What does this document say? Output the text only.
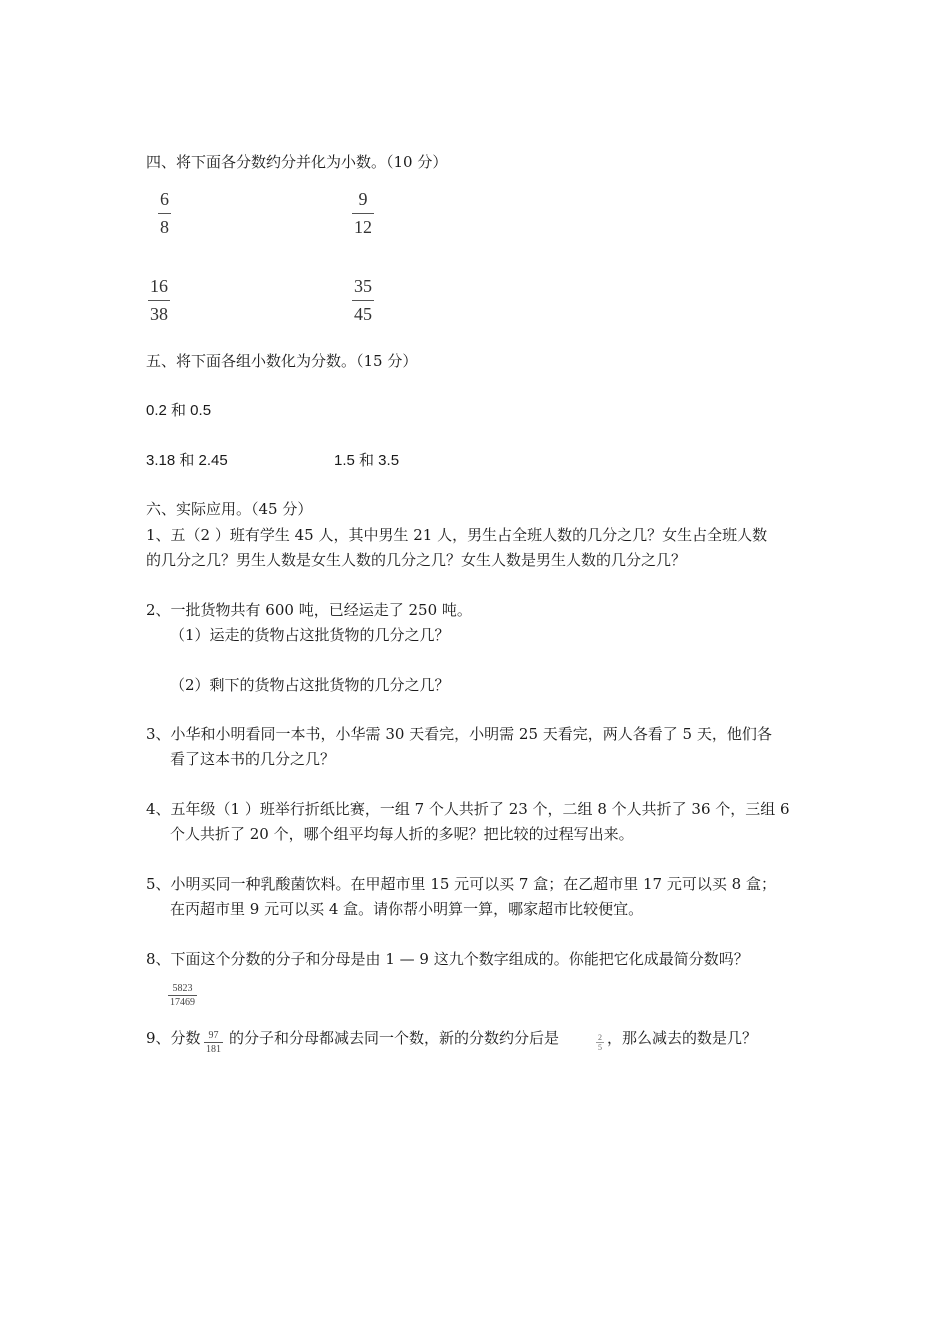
四、将下面各分数约分并化为小数。（10 分）
6
8
9
12
16
38
35
45
五、将下面各组小数化为分数。（15 分）
0.2 和 0.5
3.18 和 2.45	1.5 和 3.5
六、实际应用。（45 分）
1、五（2 ）班有学生 45 人，其中男生 21 人，男生占全班人数的几分之几？女生占全班人数
的几分之几？男生人数是女生人数的几分之几？女生人数是男生人数的几分之几？
2、一批货物共有 600 吨，已经运走了 250 吨。
（1）运走的货物占这批货物的几分之几？
（2）剩下的货物占这批货物的几分之几？
3、小华和小明看同一本书，小华需 30 天看完，小明需 25 天看完，两人各看了 5 天，他们各
看了这本书的几分之几？
4、五年级（1 ）班举行折纸比赛，一组 7 个人共折了 23 个，二组 8 个人共折了 36 个，三组 6
个人共折了 20 个，哪个组平均每人折的多呢？把比较的过程写出来。
5、小明买同一种乳酸菌饮料。在甲超市里 15 元可以买 7 盒；在乙超市里 17 元可以买 8 盒；
在丙超市里 9 元可以买 4 盒。请你帮小明算一算，哪家超市比较便宜。
8、下面这个分数的分子和分母是由 1 — 9 这九个数字组成的。你能把它化成最简分数吗？
5823
17469
9、分数 97
181
的分子和分母都减去同一个数，新的分数约分后是	2
5
，那么减去的数是几？
